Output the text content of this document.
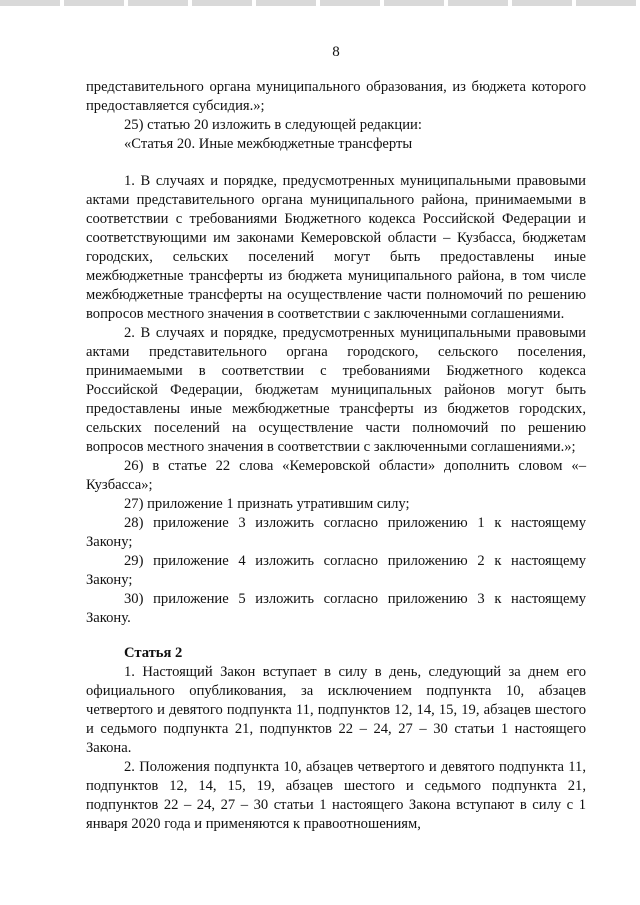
8

представительного органа муниципального образования, из бюджета которого предоставляется субсидия.»;

25) статью 20 изложить в следующей редакции:

«Статья 20. Иные межбюджетные трансферты

1. В случаях и порядке, предусмотренных муниципальными правовыми актами представительного органа муниципального района, принимаемыми в соответствии с требованиями Бюджетного кодекса Российской Федерации и соответствующими им законами Кемеровской области – Кузбасса, бюджетам городских, сельских поселений могут быть предоставлены иные межбюджетные трансферты из бюджета муниципального района, в том числе межбюджетные трансферты на осуществление части полномочий по решению вопросов местного значения в соответствии с заключенными соглашениями.

2. В случаях и порядке, предусмотренных муниципальными правовыми актами представительного органа городского, сельского поселения, принимаемыми в соответствии с требованиями Бюджетного кодекса Российской Федерации, бюджетам муниципальных районов могут быть предоставлены иные межбюджетные трансферты из бюджетов городских, сельских поселений на осуществление части полномочий по решению вопросов местного значения в соответствии с заключенными соглашениями.»;

26) в статье 22 слова «Кемеровской области» дополнить словом «– Кузбасса»;

27) приложение 1 признать утратившим силу;

28) приложение 3 изложить согласно приложению 1 к настоящему Закону;

29) приложение 4 изложить согласно приложению 2 к настоящему Закону;

30) приложение 5 изложить согласно приложению 3 к настоящему Закону.

Статья 2

1. Настоящий Закон вступает в силу в день, следующий за днем его официального опубликования, за исключением подпункта 10, абзацев четвертого и девятого подпункта 11, подпунктов 12, 14, 15, 19, абзацев шестого и седьмого подпункта 21, подпунктов 22 – 24, 27 – 30 статьи 1 настоящего Закона.

2. Положения подпункта 10, абзацев четвертого и девятого подпункта 11, подпунктов 12, 14, 15, 19, абзацев шестого и седьмого подпункта 21, подпунктов 22 – 24, 27 – 30 статьи 1 настоящего Закона вступают в силу с 1 января 2020 года и применяются к правоотношениям,
